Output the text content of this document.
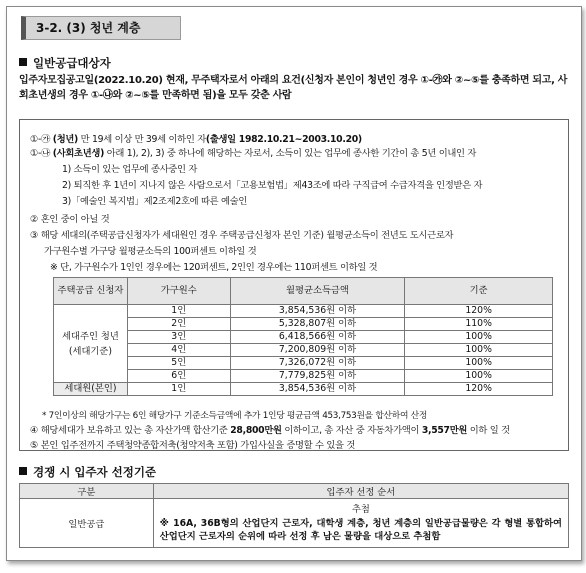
3-2. (3) 청년 계층
일반공급대상자
입주자모집공고일(2022.10.20) 현재, 무주택자로서 아래의 요건(신청자 본인이 청년인 경우 ①-㉮와 ②~⑤를 충족하면 되고, 사회초년생의 경우 ①-㉯와 ②~⑤를 만족하면 됨)을 모두 갖춘 사람
①-㉮ (청년) 만 19세 이상 만 39세 이하인 자(출생일 1982.10.21~2003.10.20)
①-㉯ (사회초년생) 아래 1), 2), 3) 중 하나에 해당하는 자로서, 소득이 있는 업무에 종사한 기간이 총 5년 이내인 자
1) 소득이 있는 업무에 종사중인 자
2) 퇴직한 후 1년이 지나지 않은 사람으로서「고용보험법」제43조에 따라 구직급여 수급자격을 인정받은 자
3)「예술인 복지법」제2조제2호에 따른 예술인
② 혼인 중이 아닐 것
③ 해당 세대의(주택공급신청자가 세대원인 경우 주택공급신청자 본인 기준) 월평균소득이 전년도 도시근로자
가구원수별 가구당 월평균소득의 100퍼센트 이하일 것
※ 단, 가구원수가 1인인 경우에는 120퍼센트, 2인인 경우에는 110퍼센트 이하일 것
* 7인이상의 해당가구는 6인 해당가구 기준소득금액에 추가 1인당 평균금액 453,753원을 합산하여 산정
④ 해당세대가 보유하고 있는 총 자산가액 합산기준 28,800만원 이하이고, 총 자산 중 자동차가액이 3,557만원 이하 일 것
⑤ 본인 입주전까지 주택청약종합저축(청약저축 포함) 가입사실을 증명할 수 있을 것
주택공급 신청자	가구원수	월평균소득금액	기준
세대주인 청년 (세대기준)	1인	3,854,536원 이하	120%
	2인	5,328,807원 이하	110%
	3인	6,418,566원 이하	100%
	4인	7,200,809원 이하	100%
	5인	7,326,072원 이하	100%
	6인	7,779,825원 이하	100%
세대원(본인)	1인	3,854,536원 이하	120%
경쟁 시 입주자 선정기준
구분	입주자 선정 순서
일반공급	추첨
※ 16A, 36B형의 산업단지 근로자, 대학생 계층, 청년 계층의 일반공급물량은 각 형별 통합하여 산업단지 근로자의 순위에 따라 선정 후 남은 물량을 대상으로 추첨함
